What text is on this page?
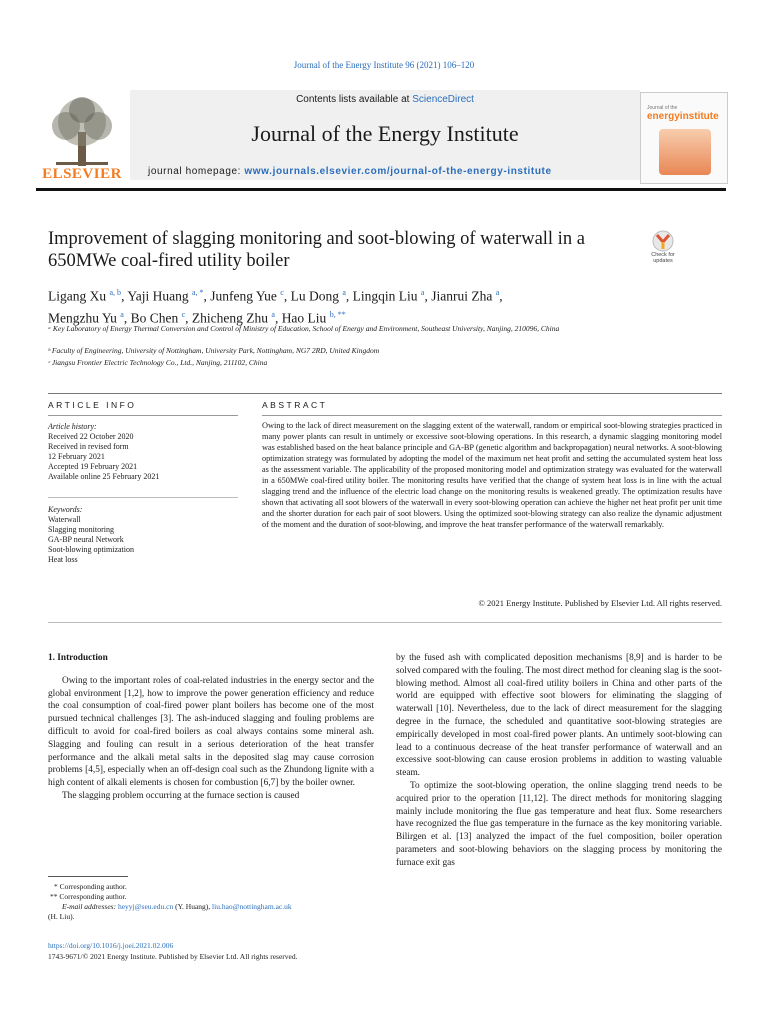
Journal of the Energy Institute 96 (2021) 106–120
ELSEVIER
Contents lists available at ScienceDirect
Journal of the Energy Institute
journal homepage: www.journals.elsevier.com/journal-of-the-energy-institute
Journal of the
energyinstitute
Improvement of slagging monitoring and soot-blowing of waterwall in a 650MWe coal-fired utility boiler	Check for updates
Ligang Xu $^{a, b}$, Yaji Huang $^{a, *}$, Junfeng Yue $^c$, Lu Dong $^a$, Lingqin Liu $^a$, Jianrui Zha $^a$,
Mengzhu Yu $^a$, Bo Chen $^c$, Zhicheng Zhu $^a$, Hao Liu $^{b, **}$
ᵃ Key Laboratory of Energy Thermal Conversion and Control of Ministry of Education, School of Energy and Environment, Southeast University, Nanjing, 210096, China
ᵇ Faculty of Engineering, University of Nottingham, University Park, Nottingham, NG7 2RD, United Kingdom
ᶜ Jiangsu Frontier Electric Technology Co., Ltd., Nanjing, 211102, China
ARTICLE INFO	ABSTRACT
Article history:
Received 22 October 2020
Received in revised form
12 February 2021
Accepted 19 February 2021
Available online 25 February 2021
Keywords:
Waterwall
Slagging monitoring
GA-BP neural Network
Soot-blowing optimization
Heat loss
Owing to the lack of direct measurement on the slagging extent of the waterwall, random or empirical soot-blowing strategies practiced in many power plants can result in untimely or excessive soot-blowing operations. In this research, a dynamic slagging monitoring model was established based on the heat balance principle and GA-BP (genetic algorithm and backpropagation) neural networks. A soot-blowing optimization strategy was formulated by adopting the model of the maximum net heat profit and setting the accumulated system heat loss as the assessment variable. The applicability of the proposed monitoring model and optimization strategy was evaluated for the waterwall in a 650MWe coal-fired utility boiler. The monitoring results have verified that the change of system heat loss is in line with the actual slagging trend and the influence of the electric load change on the monitoring results is weakened greatly. The optimization results have shown that activating all soot blowers of the waterwall in every soot-blowing operation can achieve the higher net heat profit per unit time and the shorter duration for each pair of soot blowers. Using the optimized soot-blowing strategy can also realize the dynamic adjustment of the moment and the duration of soot-blowing, and improve the heat transfer performance of the waterwall remarkably.
© 2021 Energy Institute. Published by Elsevier Ltd. All rights reserved.

1. Introduction

Owing to the important roles of coal-related industries in the energy sector and the global environment [1,2], how to improve the power generation efficiency and reduce the coal consumption of coal-fired power plant boilers has become one of the most pursued technical challenges [3]. The ash-induced slagging and fouling problems are difficult to avoid for coal-fired boilers as coal always contains some mineral ash. Slagging and fouling can result in a serious deterioration of the heat transfer performance and the alkali metal salts in the deposited slag may cause corrosion problems [4,5], especially when an off-design coal such as the Zhundong lignite with a high content of alkali elements is chosen for combustion [6,7] by the boiler owner.

The slagging problem occurring at the furnace section is caused

by the fused ash with complicated deposition mechanisms [8,9] and is harder to be solved compared with the fouling. The most direct method for cleaning slag is the soot-blowing method. Almost all coal-fired utility boilers in China and other parts of the world are equipped with effective soot blowers for eliminating the slagging of waterwall [10]. Nevertheless, due to the lack of direct measurement for the slagging degree in the furnace, the scheduled and quantitative soot-blowing strategies are empirically developed in most coal-fired power plants. An untimely soot-blowing can lead to a continuous decrease of the heat transfer performance of waterwall and an excessive soot-blowing can cause erosion problems in addition to wasting valuable steam.

To optimize the soot-blowing operation, the online slagging trend needs to be acquired prior to the operation [11,12]. The direct methods for monitoring slagging mainly include monitoring the flue gas temperature and heat flux. Some researchers have recognized the flue gas temperature in the furnace as the key monitoring variable. Bilirgen et al. [13] analyzed the impact of the fuel composition, boiler operation parameters and soot-blowing behaviors on the slagging process by monitoring the furnace exit gas

* Corresponding author.
** Corresponding author.
E-mail addresses: heyyj@seu.edu.cn (Y. Huang), liu.hao@nottingham.ac.uk
(H. Liu).
https://doi.org/10.1016/j.joei.2021.02.006
1743-9671/© 2021 Energy Institute. Published by Elsevier Ltd. All rights reserved.
